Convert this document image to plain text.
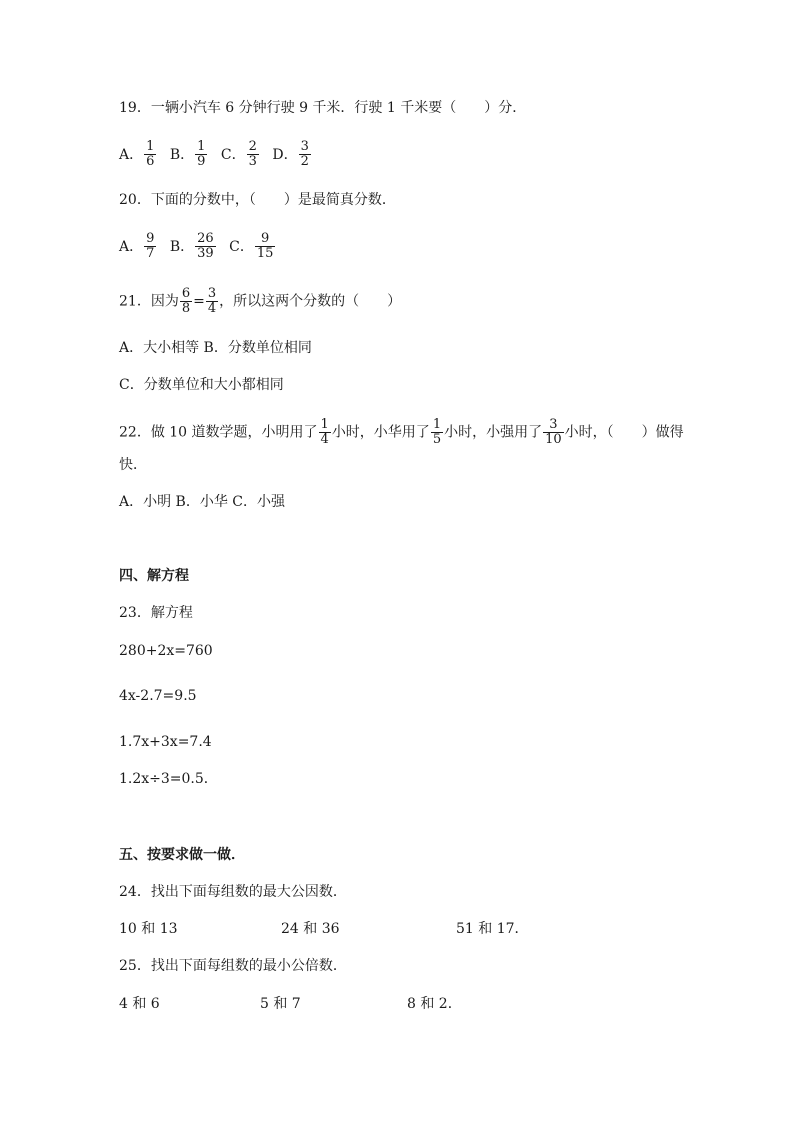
19．一辆小汽车 6 分钟行驶 9 千米．行驶 1 千米要（　　）分．
A． $\frac{1}{6}$ B． $\frac{1}{9}$ C． $\frac{2}{3}$ D． $\frac{3}{2}$
20．下面的分数中，（　　）是最简真分数．
A． $\frac{9}{7}$ B． $\frac{26}{39}$ C． $\frac{9}{15}$
21．因为 $\frac{6}{8} = \frac{3}{4}$ ，所以这两个分数的（　　）
A．大小相等 B．分数单位相同
C．分数单位和大小都相同
22．做 10 道数学题，小明用了 $\frac{1}{4}$ 小时，小华用了 $\frac{1}{5}$ 小时，小强用了 $\frac{3}{10}$ 小时，（　　）做得
快．
A．小明 B．小华 C．小强
四、解方程
23．解方程
280+2x=760
4x-2.7=9.5
1.7x+3x=7.4
1.2x÷3=0.5．
五、按要求做一做．
24．找出下面每组数的最大公因数．
10 和 13	24 和 36	51 和 17．
25．找出下面每组数的最小公倍数．
4 和 6	5 和 7	8 和 2．
